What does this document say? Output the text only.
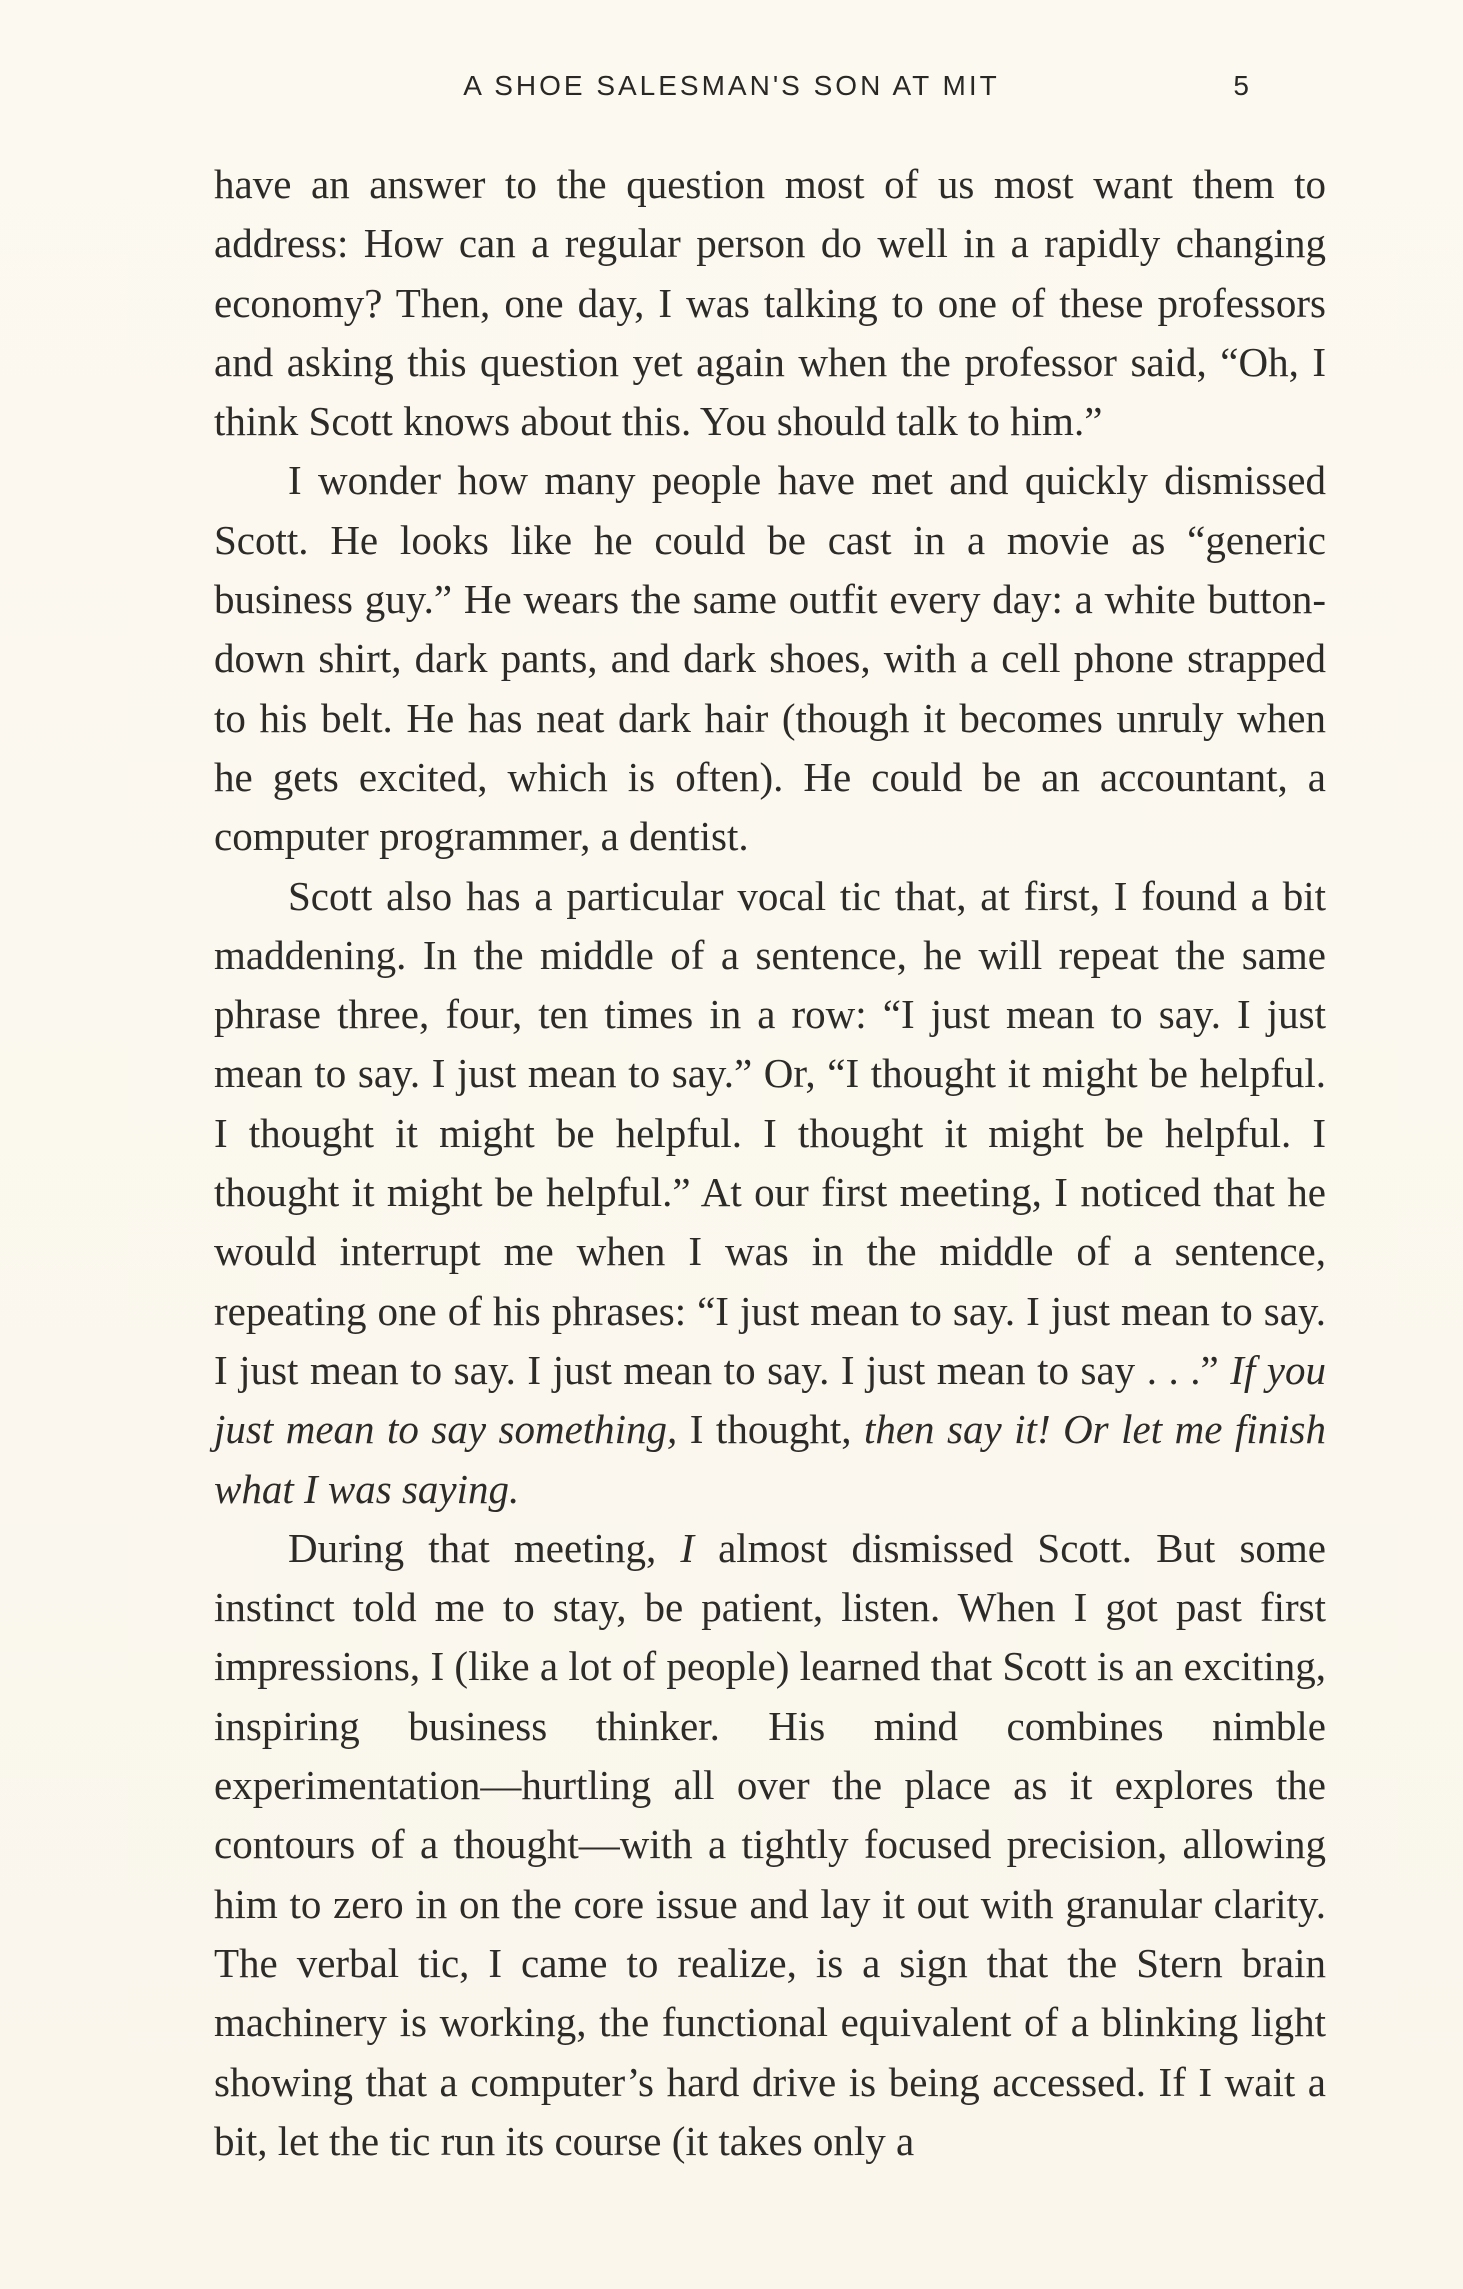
A SHOE SALESMAN'S SON AT MIT	5

have an answer to the question most of us most want them to address: How can a regular person do well in a rapidly changing economy? Then, one day, I was talking to one of these professors and asking this question yet again when the professor said, “Oh, I think Scott knows about this. You should talk to him.”

I wonder how many people have met and quickly dismissed Scott. He looks like he could be cast in a movie as “generic business guy.” He wears the same outfit every day: a white button-down shirt, dark pants, and dark shoes, with a cell phone strapped to his belt. He has neat dark hair (though it becomes unruly when he gets excited, which is often). He could be an accountant, a computer programmer, a dentist.

Scott also has a particular vocal tic that, at first, I found a bit maddening. In the middle of a sentence, he will repeat the same phrase three, four, ten times in a row: “I just mean to say. I just mean to say. I just mean to say.” Or, “I thought it might be helpful. I thought it might be helpful. I thought it might be helpful. I thought it might be helpful.” At our first meeting, I noticed that he would interrupt me when I was in the middle of a sentence, repeating one of his phrases: “I just mean to say. I just mean to say. I just mean to say. I just mean to say. I just mean to say . . .” If you just mean to say something, I thought, then say it! Or let me finish what I was saying.

During that meeting, I almost dismissed Scott. But some instinct told me to stay, be patient, listen. When I got past first impressions, I (like a lot of people) learned that Scott is an exciting, inspiring business thinker. His mind combines nimble experimentation—hurtling all over the place as it explores the contours of a thought—with a tightly focused precision, allowing him to zero in on the core issue and lay it out with granular clarity. The verbal tic, I came to realize, is a sign that the Stern brain machinery is working, the functional equivalent of a blinking light showing that a computer’s hard drive is being accessed. If I wait a bit, let the tic run its course (it takes only a
